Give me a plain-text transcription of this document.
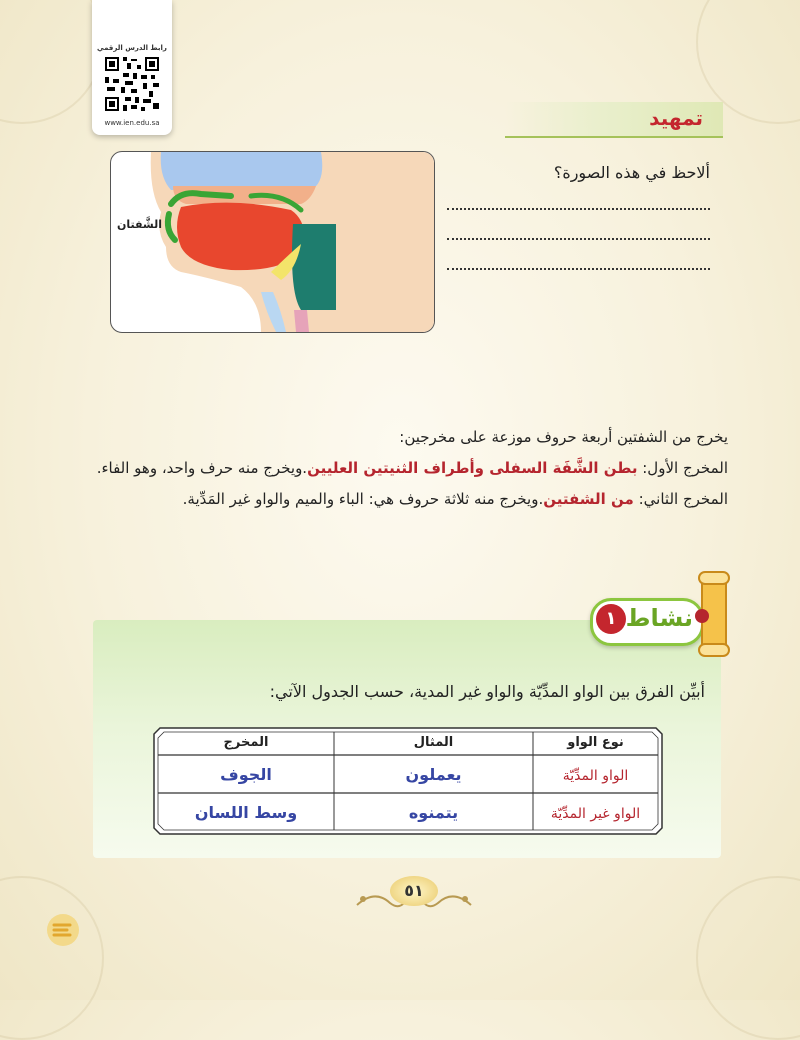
رابط الدرس الرقمي
www.ien.edu.sa	تمهيد
الشَّفتان
ألاحظ في هذه الصورة؟
يخرج من الشفتين أربعة حروف موزعة على مخرجين:
المخرج الأول: بطن الشَّفَة السفلى وأطراف الثنيتين العليين.ويخرج منه حرف واحد، وهو الفاء.
المخرج الثاني: من الشفتين.ويخرج منه ثلاثة حروف هي: الباء والميم والواو غير المَدِّية.
١ نشاط
أبيِّن الفرق بين الواو المدِّيّة والواو غير المدية، حسب الجدول الآتي:
نوع الواو
المثال
المخرج
الواو المدِّيّة
يعملون
الجوف
الواو غير المدِّيّة
يتمنوه
وسط اللسان
٥١
